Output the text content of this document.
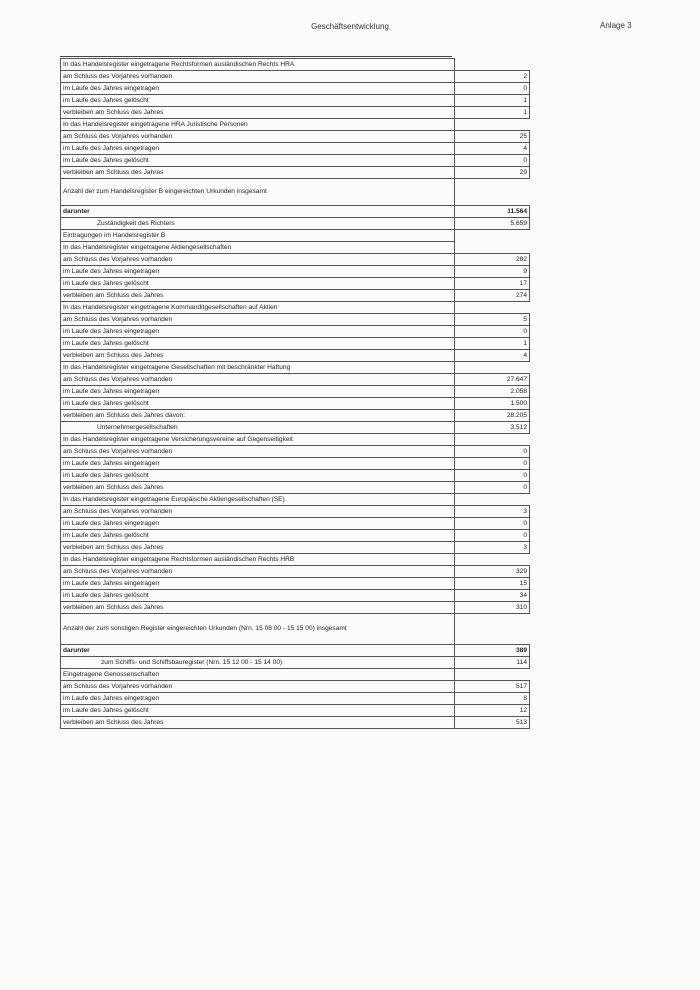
Geschäftsentwicklung	Anlage 3
In das Handelsregister eingetragene Rechtsformen ausländischen Rechts HRA	
am Schluss des Vorjahres vorhanden	2
im Laufe des Jahres eingetragen	0
im Laufe des Jahres gelöscht	1
verbleiben am Schluss des Jahres	1
In das Handelsregister eingetragene HRA Juristische Personen	
am Schluss des Vorjahres vorhanden	25
im Laufe des Jahres eingetragen	4
im Laufe des Jahres gelöscht	0
verbleiben am Schluss des Jahres	29
Anzahl der zum Handelsregister B eingereichten Urkunden insgesamt	
darunter	11.564
Zuständigkeit des Richters	5.659
Eintragungen im Handelsregister B	
In das Handelsregister eingetragene Aktiengesellschaften	
am Schluss des Vorjahres vorhanden	282
im Laufe des Jahres eingetragen	9
im Laufe des Jahres gelöscht	17
verbleiben am Schluss des Jahres	274
In das Handelsregister eingetragene Kommanditgesellschaften auf Aktien	
am Schluss des Vorjahres vorhanden	5
im Laufe des Jahres eingetragen	0
im Laufe des Jahres gelöscht	1
verbleiben am Schluss des Jahres	4
In das Handelsregister eingetragene Gesellschaften mit beschränkter Haftung	
am Schluss des Vorjahres vorhanden	27.647
im Laufe des Jahres eingetragen	2.058
im Laufe des Jahres gelöscht	1.500
verbleiben am Schluss des Jahres davon:	28.205
Unternehmergesellschaften	3.512
In das Handelsregister eingetragene Versicherungsvereine auf Gegenseitigkeit	
am Schluss des Vorjahres vorhanden	0
im Laufe des Jahres eingetragen	0
im Laufe des Jahres gelöscht	0
verbleiben am Schluss des Jahres	0
In das Handelsregister eingetragene Europäische Aktiengesellschaften (SE)	
am Schluss des Vorjahres vorhanden	3
im Laufe des Jahres eingetragen	0
im Laufe des Jahres gelöscht	0
verbleiben am Schluss des Jahres	3
In das Handelsregister eingetragene Rechtsformen ausländischen Rechts HRB	
am Schluss des Vorjahres vorhanden	329
im Laufe des Jahres eingetragen	15
im Laufe des Jahres gelöscht	34
verbleiben am Schluss des Jahres	310
Anzahl der zum sonstigen Register eingereichten Urkunden (Nrn. 15 08 00 - 15 15 00) insgesamt	
darunter	389
zum Schiffs- und Schiffsbauregister (Nrn. 15 12 00 - 15 14 00)	114
Eingetragene Genossenschaften	
am Schluss des Vorjahres vorhanden	517
im Laufe des Jahres eingetragen	8
im Laufe des Jahres gelöscht	12
verbleiben am Schluss des Jahres	513
